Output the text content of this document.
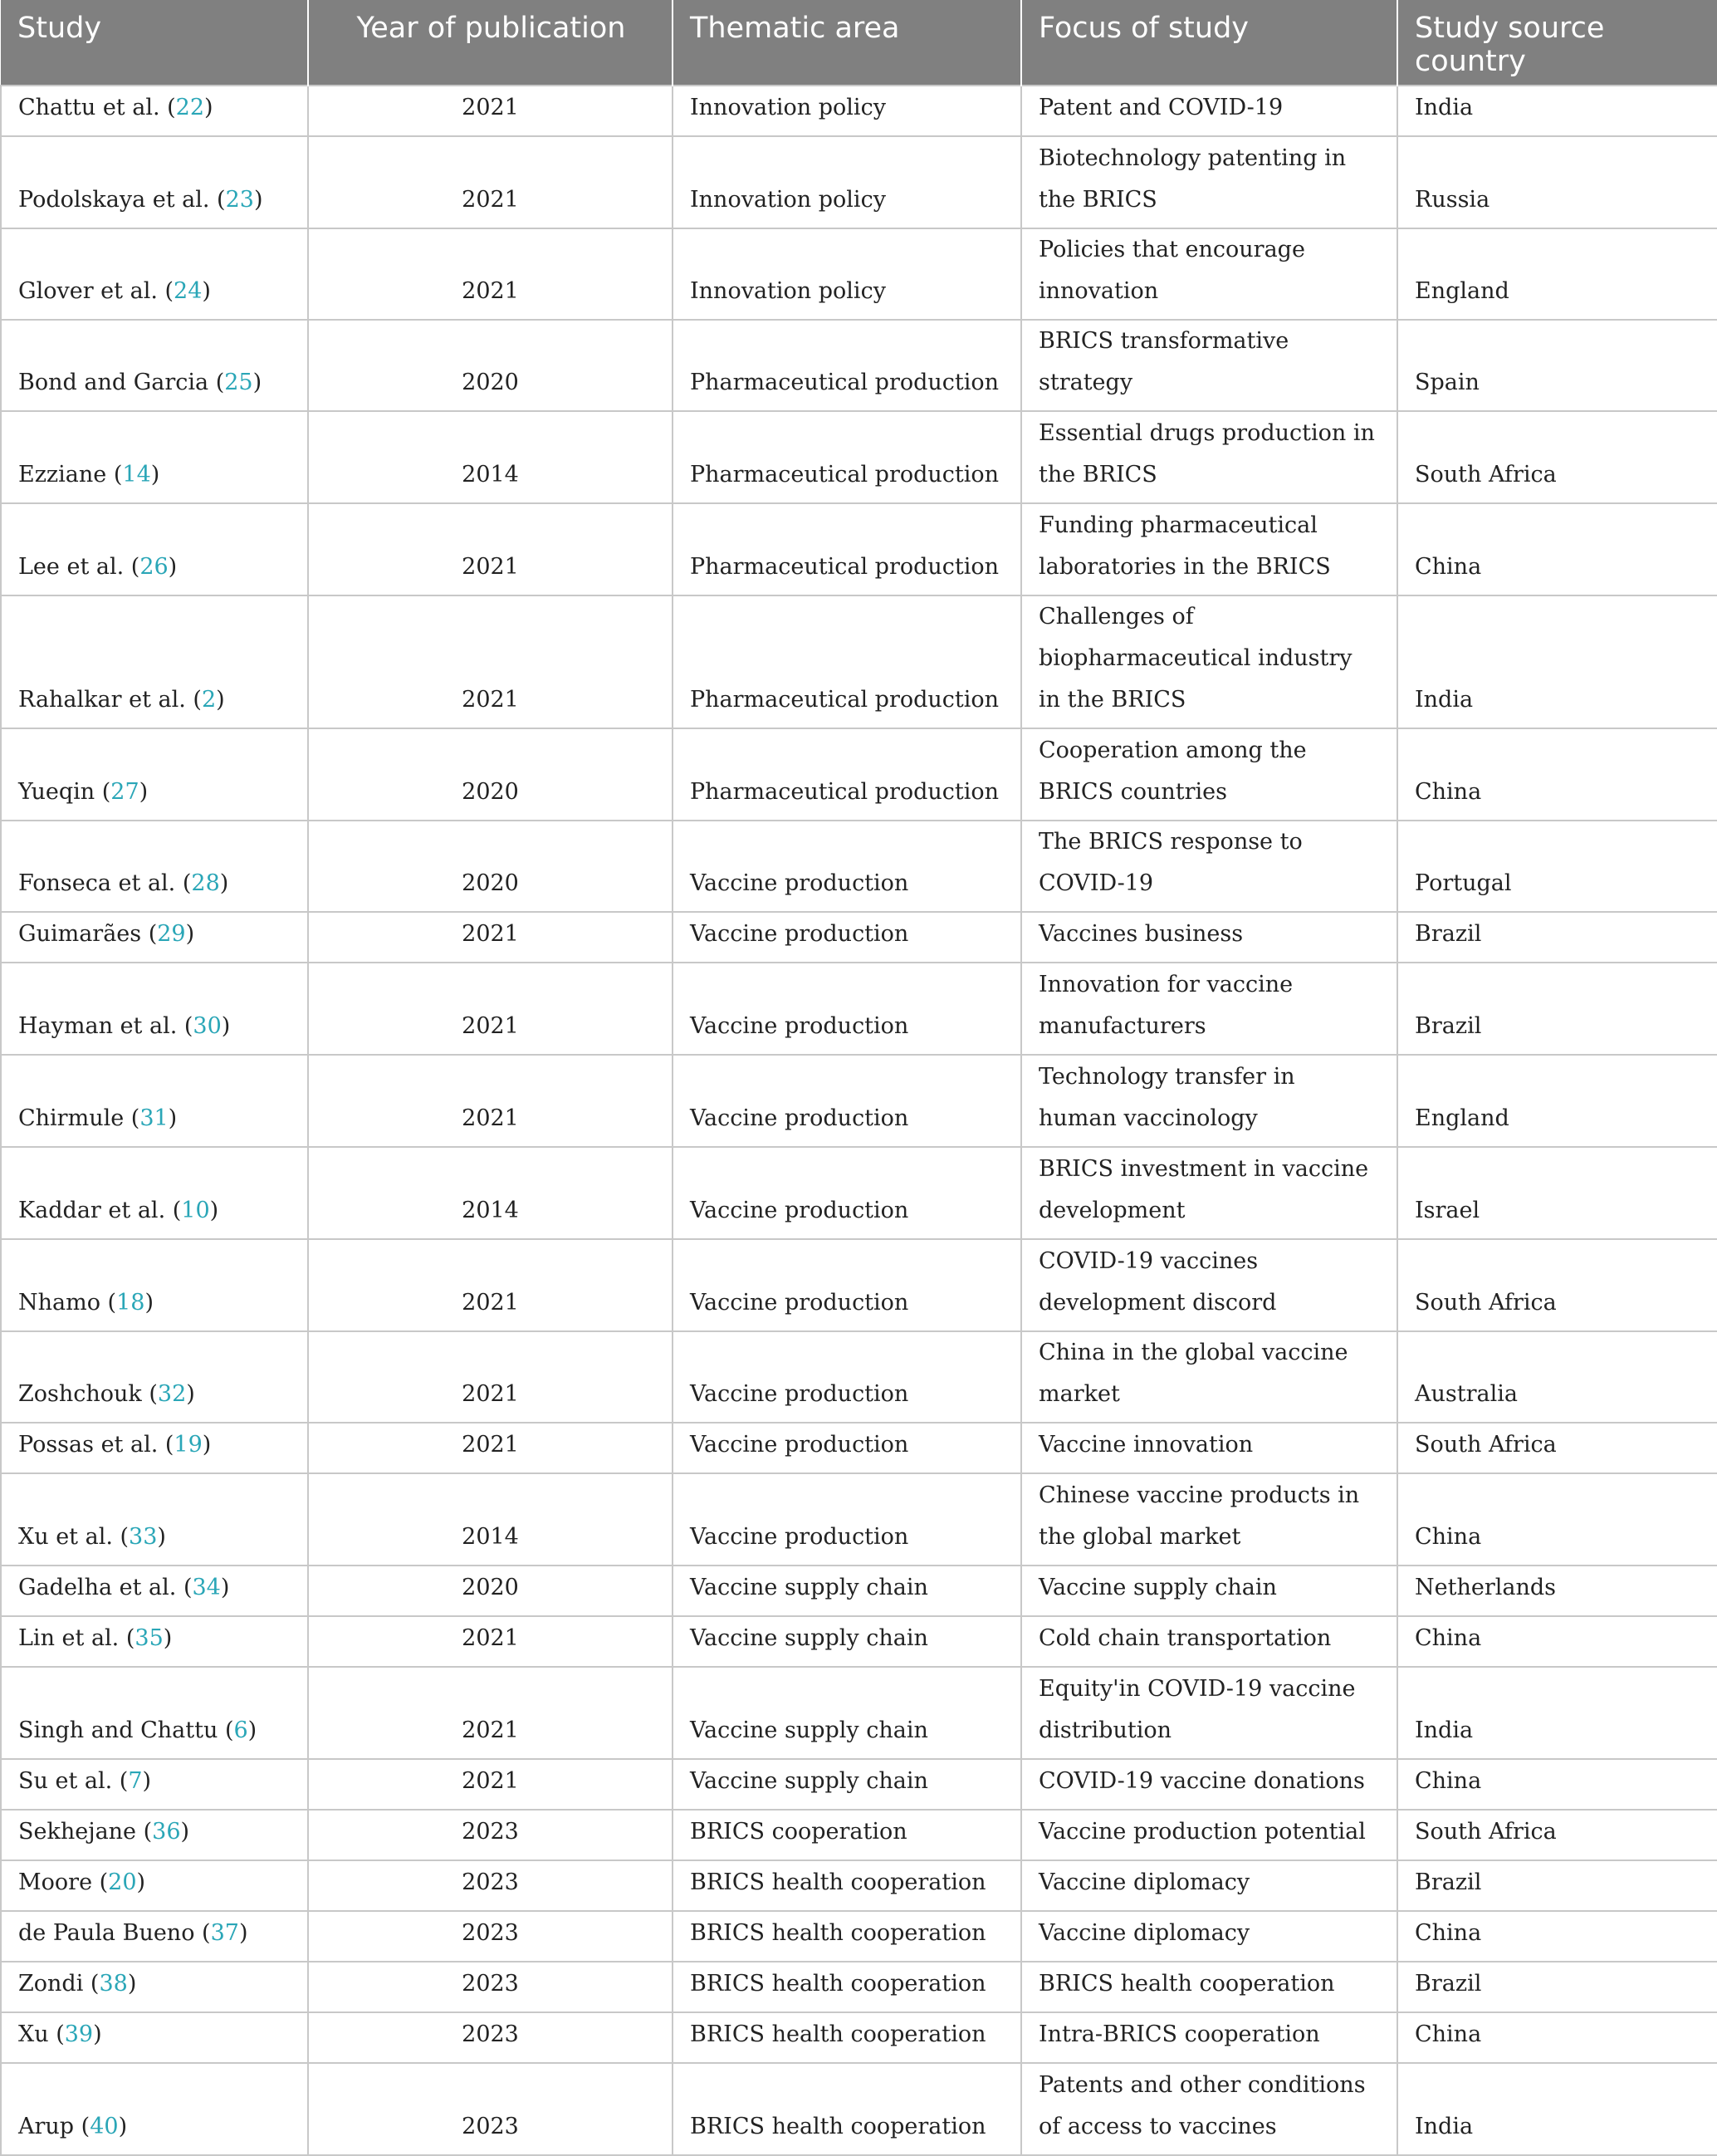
Study	Year of publication	Thematic area	Focus of study	Study source country
Chattu et al. (22)	2021	Innovation policy	Patent and COVID-19	India
Podolskaya et al. (23)	2021	Innovation policy	Biotechnology patenting in the BRICS	Russia
Glover et al. (24)	2021	Innovation policy	Policies that encourage innovation	England
Bond and Garcia (25)	2020	Pharmaceutical production	BRICS transformative strategy	Spain
Ezziane (14)	2014	Pharmaceutical production	Essential drugs production in the BRICS	South Africa
Lee et al. (26)	2021	Pharmaceutical production	Funding pharmaceutical laboratories in the BRICS	China
Rahalkar et al. (2)	2021	Pharmaceutical production	Challenges of biopharmaceutical industry in the BRICS	India
Yueqin (27)	2020	Pharmaceutical production	Cooperation among the BRICS countries	China
Fonseca et al. (28)	2020	Vaccine production	The BRICS response to COVID-19	Portugal
Guimarães (29)	2021	Vaccine production	Vaccines business	Brazil
Hayman et al. (30)	2021	Vaccine production	Innovation for vaccine manufacturers	Brazil
Chirmule (31)	2021	Vaccine production	Technology transfer in human vaccinology	England
Kaddar et al. (10)	2014	Vaccine production	BRICS investment in vaccine development	Israel
Nhamo (18)	2021	Vaccine production	COVID-19 vaccines development discord	South Africa
Zoshchouk (32)	2021	Vaccine production	China in the global vaccine market	Australia
Possas et al. (19)	2021	Vaccine production	Vaccine innovation	South Africa
Xu et al. (33)	2014	Vaccine production	Chinese vaccine products in the global market	China
Gadelha et al. (34)	2020	Vaccine supply chain	Vaccine supply chain	Netherlands
Lin et al. (35)	2021	Vaccine supply chain	Cold chain transportation	China
Singh and Chattu (6)	2021	Vaccine supply chain	Equity'in COVID-19 vaccine distribution	India
Su et al. (7)	2021	Vaccine supply chain	COVID-19 vaccine donations	China
Sekhejane (36)	2023	BRICS cooperation	Vaccine production potential	South Africa
Moore (20)	2023	BRICS health cooperation	Vaccine diplomacy	Brazil
de Paula Bueno (37)	2023	BRICS health cooperation	Vaccine diplomacy	China
Zondi (38)	2023	BRICS health cooperation	BRICS health cooperation	Brazil
Xu (39)	2023	BRICS health cooperation	Intra-BRICS cooperation	China
Arup (40)	2023	BRICS health cooperation	Patents and other conditions of access to vaccines	India
